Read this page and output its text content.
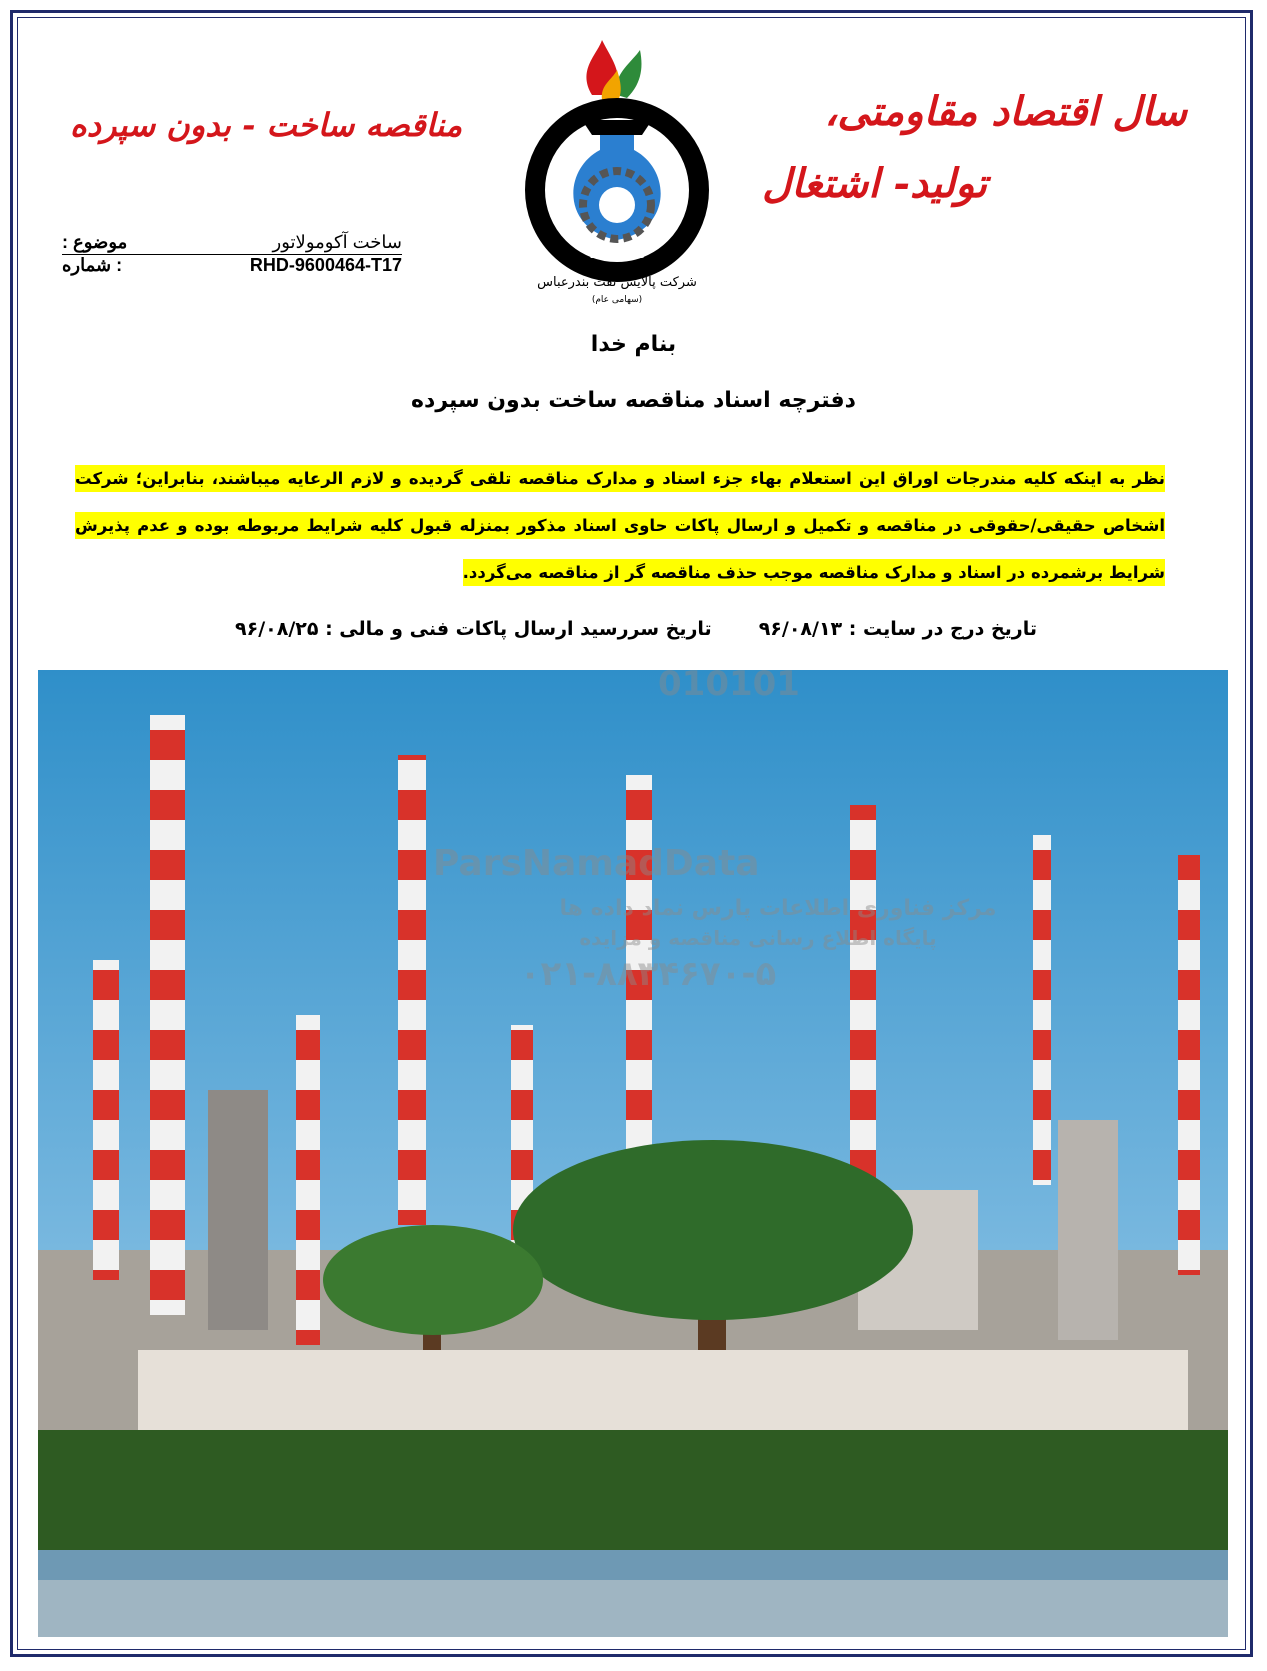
سال اقتصاد مقاومتی،
تولید- اشتغال
مناقصه ساخت - بدون سپرده
B.O.R.C
شرکت پالایش نفت بندرعباس
(سهامی عام)
موضوع :	ساخت آکومولاتور
: شماره	RHD-9600464-T17
بنام خدا
دفترچه اسناد مناقصه ساخت بدون سپرده
نظر به اینکه کلیه مندرجات اوراق این استعلام بهاء جزء اسناد و مدارک مناقصه تلقی گردیده و لازم الرعایه میباشند، بنابراین؛ شرکت اشخاص حقیقی/حقوقی در مناقصه و تکمیل و ارسال پاکات حاوی اسناد مذکور بمنزله قبول کلیه شرایط مربوطه بوده و عدم پذیرش شرایط برشمرده در اسناد و مدارک مناقصه موجب حذف مناقصه گر از مناقصه می‌گردد.
تاریخ درج در سایت : ۹۶/۰۸/۱۳
تاریخ سررسید ارسال پاکات فنی و مالی : ۹۶/۰۸/۲۵
010101
ParsNamadData
مرکز فناوری اطلاعات پارس نماد داده ها
پایگاه اطلاع رسانی مناقصه و مزایده
۰۲۱-۸۸۳۴۶۷۰-۵
